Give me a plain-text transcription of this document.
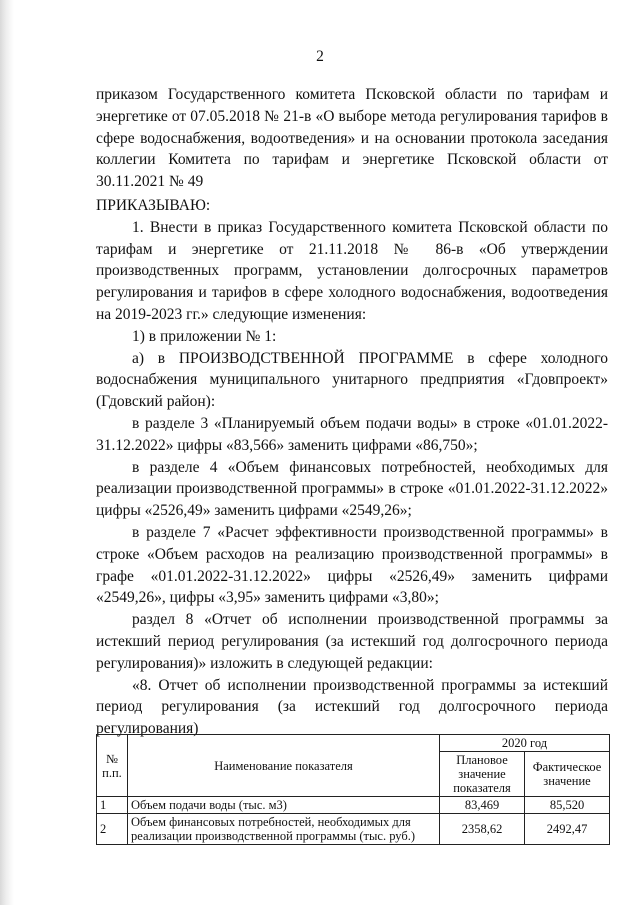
2

приказом Государственного комитета Псковской области по тарифам и энергетике от 07.05.2018 № 21-в «О выборе метода регулирования тарифов в сфере водоснабжения, водоотведения» и на основании протокола заседания коллегии Комитета по тарифам и энергетике Псковской области от 30.11.2021 № 49

ПРИКАЗЫВАЮ:

1. Внести в приказ Государственного комитета Псковской области по тарифам и энергетике от 21.11.2018 № 86-в «Об утверждении производственных программ, установлении долгосрочных параметров регулирования и тарифов в сфере холодного водоснабжения, водоотведения на 2019-2023 гг.» следующие изменения:

1) в приложении № 1:

а) в ПРОИЗВОДСТВЕННОЙ ПРОГРАММЕ в сфере холодного водоснабжения муниципального унитарного предприятия «Гдовпроект» (Гдовский район):

в разделе 3 «Планируемый объем подачи воды» в строке «01.01.2022-31.12.2022» цифры «83,566» заменить цифрами «86,750»;

в разделе 4 «Объем финансовых потребностей, необходимых для реализации производственной программы» в строке «01.01.2022-31.12.2022» цифры «2526,49» заменить цифрами «2549,26»;

в разделе 7 «Расчет эффективности производственной программы» в строке «Объем расходов на реализацию производственной программы» в графе «01.01.2022-31.12.2022» цифры «2526,49» заменить цифрами «2549,26», цифры «3,95» заменить цифрами «3,80»;

раздел 8 «Отчет об исполнении производственной программы за истекший период регулирования (за истекший год долгосрочного периода регулирования)» изложить в следующей редакции:

«8. Отчет об исполнении производственной программы за истекший период регулирования (за истекший год долгосрочного периода регулирования)

№ п.п.	Наименование показателя	2020 год	
		Плановое значение показателя	Фактическое значение
1	Объем подачи воды (тыс. м3)	83,469	85,520
2	Объем финансовых потребностей, необходимых для реализации производственной программы (тыс. руб.)	2358,62	2492,47
